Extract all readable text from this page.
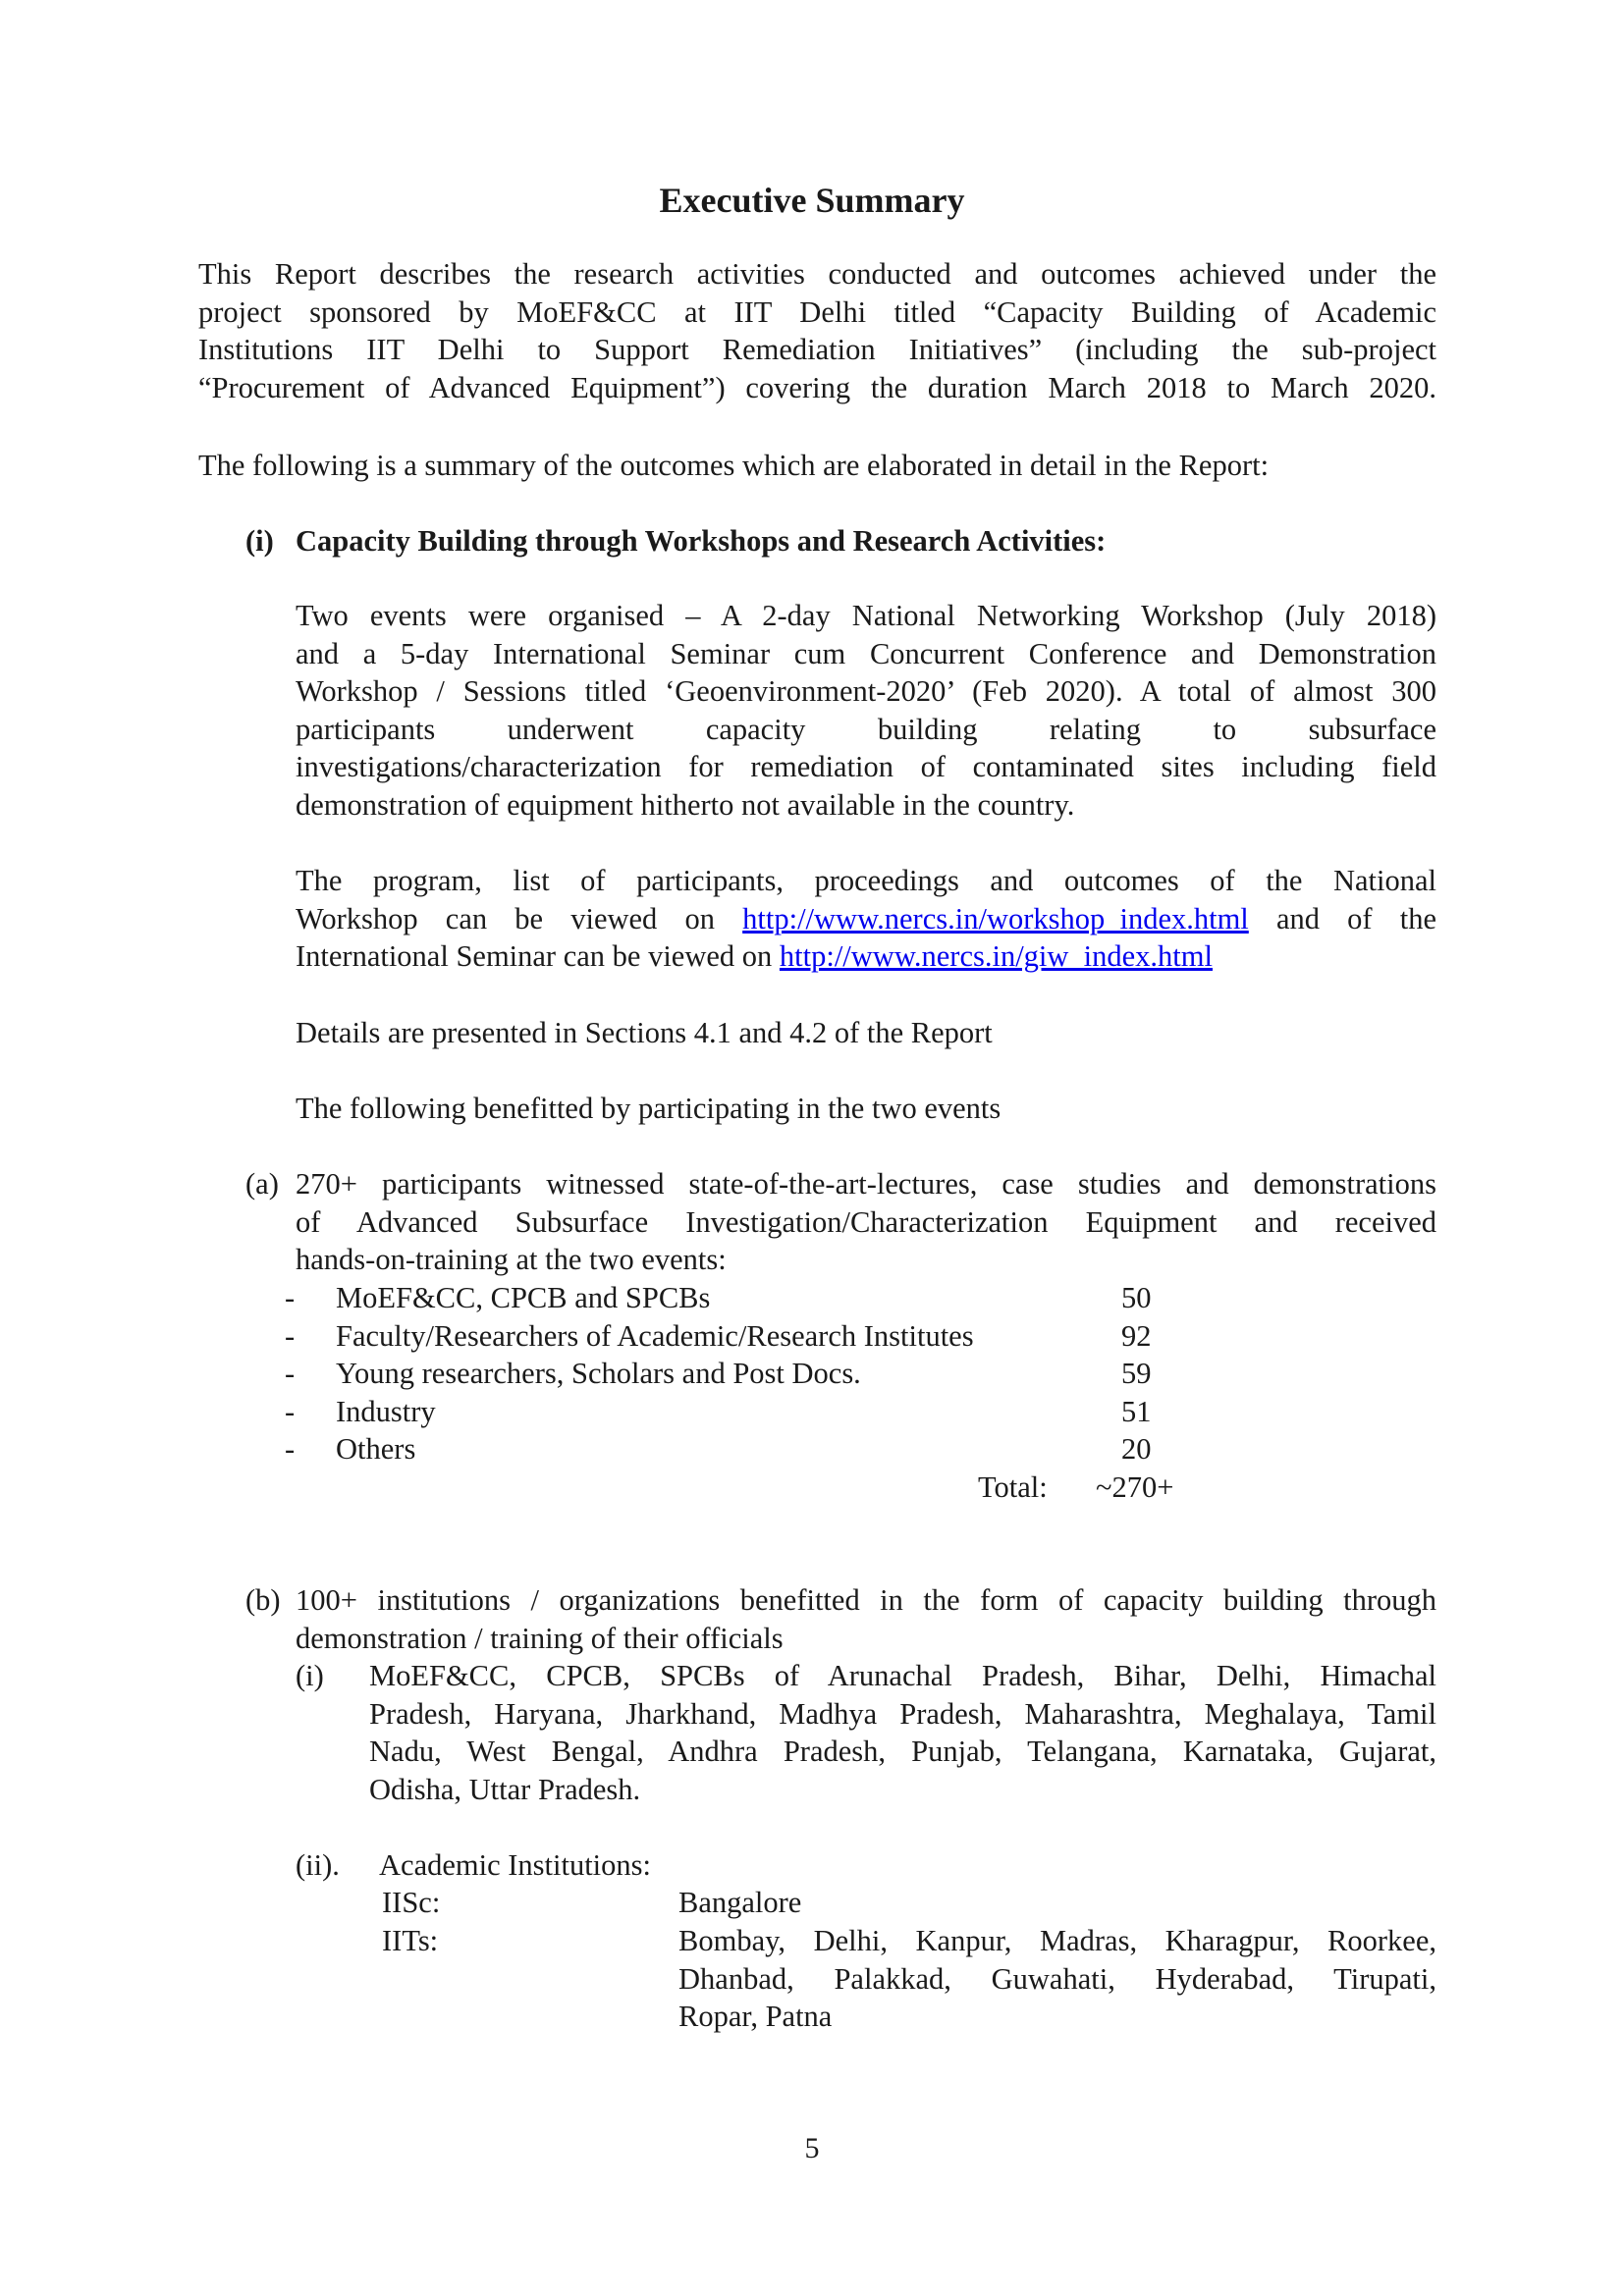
Executive Summary
This Report describes the research activities conducted and outcomes achieved under the
project sponsored by MoEF&CC at IIT Delhi titled “Capacity Building of Academic
Institutions IIT Delhi to Support Remediation Initiatives” (including the sub-project
“Procurement of Advanced Equipment”) covering the duration March 2018 to March 2020.
The following is a summary of the outcomes which are elaborated in detail in the Report:
(i) Capacity Building through Workshops and Research Activities:
Two events were organised – A 2-day National Networking Workshop (July 2018)
and a 5-day International Seminar cum Concurrent Conference and Demonstration
Workshop / Sessions titled ‘Geoenvironment-2020’ (Feb 2020). A total of almost 300
participants underwent capacity building relating to subsurface
investigations/characterization for remediation of contaminated sites including field
demonstration of equipment hitherto not available in the country.
The program, list of participants, proceedings and outcomes of the National
Workshop can be viewed on http://www.nercs.in/workshop_index.html and of the
International Seminar can be viewed on http://www.nercs.in/giw_index.html
Details are presented in Sections 4.1 and 4.2 of the Report
The following benefitted by participating in the two events
(a) 270+ participants witnessed state-of-the-art-lectures, case studies and demonstrations
of Advanced Subsurface Investigation/Characterization Equipment and received
hands-on-training at the two events:
- MoEF&CC, CPCB and SPCBs	50
- Faculty/Researchers of Academic/Research Institutes	92
- Young researchers, Scholars and Post Docs.	59
- Industry	51
- Others	20
Total: ~270+
(b) 100+ institutions / organizations benefitted in the form of capacity building through
demonstration / training of their officials
(i) MoEF&CC, CPCB, SPCBs of Arunachal Pradesh, Bihar, Delhi, Himachal
Pradesh, Haryana, Jharkhand, Madhya Pradesh, Maharashtra, Meghalaya, Tamil
Nadu, West Bengal, Andhra Pradesh, Punjab, Telangana, Karnataka, Gujarat,
Odisha, Uttar Pradesh.
(ii). Academic Institutions:
IISc:	Bangalore
IITs:	Bombay, Delhi, Kanpur, Madras, Kharagpur, Roorkee,
Dhanbad, Palakkad, Guwahati, Hyderabad, Tirupati,
Ropar, Patna
5
